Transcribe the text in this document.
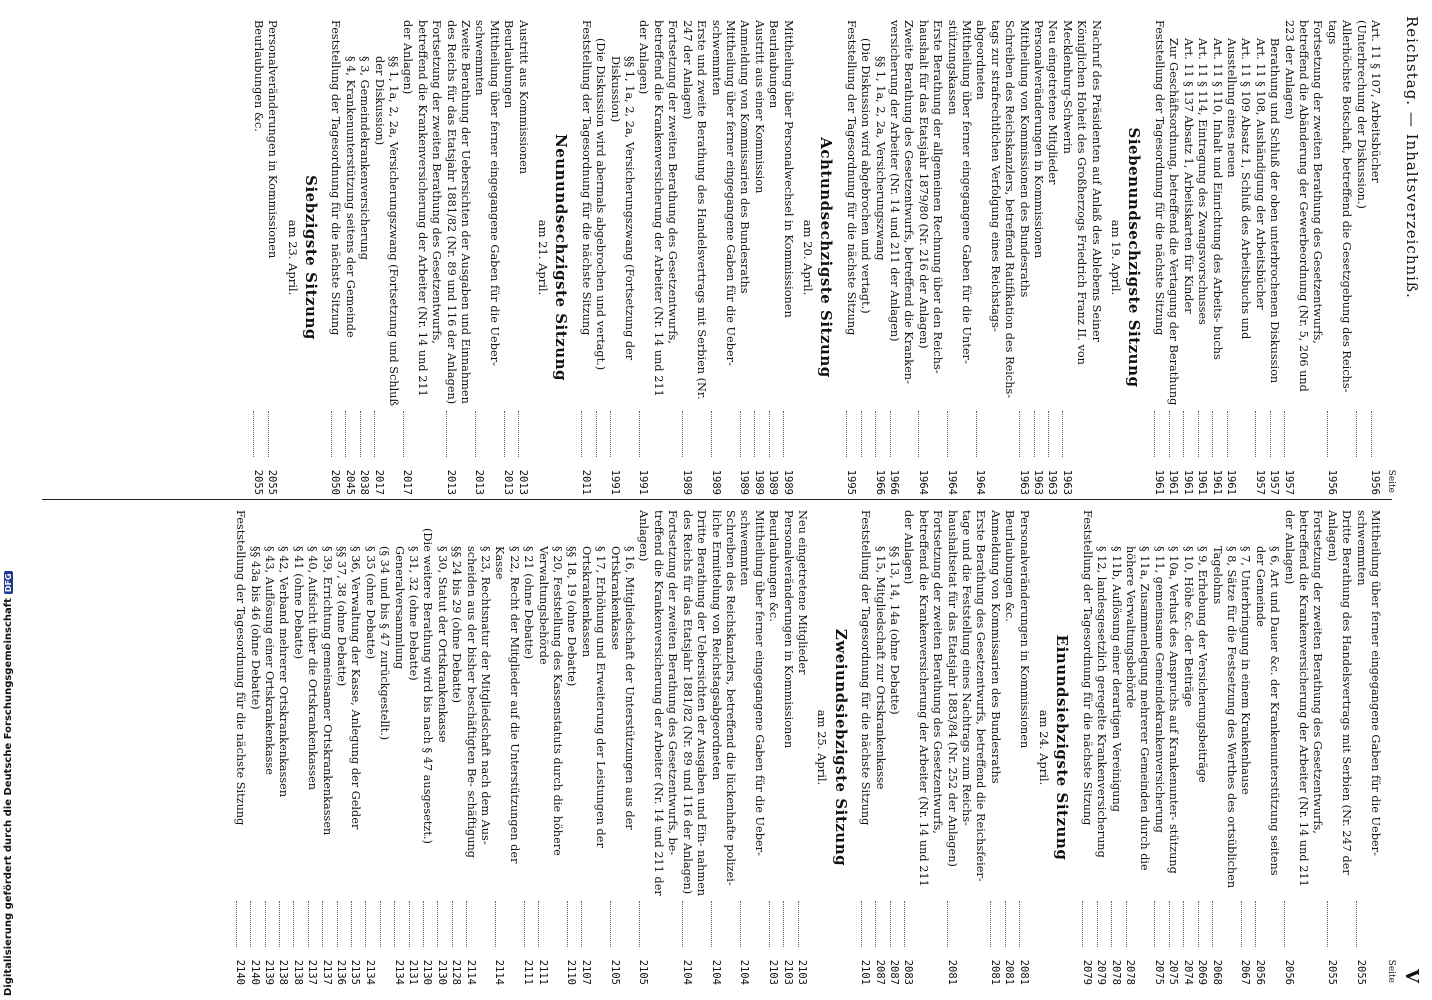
Reichstag. — Inhaltsverzeichniß.
V
Seite
Art. 11 § 107, Arbeitsbücher
1956
(Unterbrechung der Diskussion.)
Allerhöchste Botschaft, betreffend die Gesetzgebung des Reichs- tags
1956
Fortsetzung der zweiten Berathung des Gesetzentwurfs, betreffend die Abänderung der Gewerbeordnung (Nr. 5, 206 und 223 der Anlagen)
1957
Berathung und Schluß der oben unterbrochenen Diskussion
1957
Art. 11 § 108, Aushändigung der Arbeitsbücher
1957
Art. 11 § 109 Absatz 1, Schluß des Arbeitsbuchs und Ausstellung eines neuen
1961
Art. 11 § 110, Inhalt und Einrichtung des Arbeits- buchs
1961
Art. 11 § 114, Eintragung des Zwangsvorschusses
1961
Art. 11 § 137 Absatz 1, Arbeitskarten für Kinder
1961
Zur Geschäftsordnung, betreffend die Vertagung der Berathung
1961
Feststellung der Tagesordnung für die nächste Sitzung
1961
Siebenundsechzigste Sitzung
am 19. April.
Nachruf des Präsidenten auf Anlaß des Ablebens Seiner Königlichen Hoheit des Großherzogs Friedrich Franz II. von Mecklenburg-Schwerin
1963
Neu eingetretene Mitglieder
1963
Personalveränderungen in Kommissionen
1963
Mittheilung von Kommissionen des Bundesraths
1963
Schreiben des Reichskanzlers, betreffend Ratifikation des Reichs- tags zur strafrechtlichen Verfolgung eines Reichstags- abgeordneten
1964
Mittheilung über ferner eingegangene Gaben für die Unter- stützungskassen
1964
Erste Berathung der allgemeinen Rechnung über den Reichs- haushalt für das Etatsjahr 1879/80 (Nr. 216 der Anlagen)
1964
Zweite Berathung des Gesetzentwurfs, betreffend die Kranken- versicherung der Arbeiter (Nr. 14 und 211 der Anlagen)
1966
§§ 1, 1a, 2, 2a, Versicherungszwang
1966
(Die Diskussion wird abgebrochen und vertagt.)
Feststellung der Tagesordnung für die nächste Sitzung
1995
Achtundsechzigste Sitzung
am 20. April.
Mittheilung über Personalwechsel in Kommissionen
1989
Beurlaubungen
1989
Austritt aus einer Kommission
1989
Anmeldung von Kommissarien des Bundesraths
1989
Mittheilung über ferner eingegangene Gaben für die Ueber- schwemmten
1989
Erste und zweite Berathung des Handelsvertrags mit Serbien (Nr. 247 der Anlagen)
1989
Fortsetzung der zweiten Berathung des Gesetzentwurfs, betreffend die Krankenversicherung der Arbeiter (Nr. 14 und 211 der Anlagen)
1991
§§ 1, 1a, 2, 2a, Versicherungszwang (Fortsetzung der Diskussion)
1991
(Die Diskussion wird abermals abgebrochen und vertagt.)
Feststellung der Tagesordnung für die nächste Sitzung
2011
Neunundsechzigste Sitzung
am 21. April.
Austritt aus Kommissionen
2013
Beurlaubungen
2013
Mittheilung über ferner eingegangene Gaben für die Ueber- schwemmten
2013
Zweite Berathung der Uebersichten der Ausgaben und Einnahmen des Reichs für das Etatsjahr 1881/82 (Nr. 89 und 116 der Anlagen)
2013
Fortsetzung der zweiten Berathung des Gesetzentwurfs, betreffend die Krankenversicherung der Arbeiter (Nr. 14 und 211 der Anlagen)
2017
§§ 1, 1a, 2, 2a, Versicherungszwang (Fortsetzung und Schluß der Diskussion)
2017
§ 3, Gemeindekrankenversicherung
2038
§ 4, Krankenunterstützung seitens der Gemeinde
2045
Feststellung der Tagesordnung für die nächste Sitzung
2050
Siebzigste Sitzung
am 23. April.
Personalveränderungen in Kommissionen
2055
Beurlaubungen &c.
2055
Seite
Mittheilung über ferner eingegangene Gaben für die Ueber- schwemmten
2055
Dritte Berathung des Handelsvertrags mit Serbien (Nr. 247 der Anlagen)
2055
Fortsetzung der zweiten Berathung des Gesetzentwurfs, betreffend die Krankenversicherung der Arbeiter (Nr. 14 und 211 der Anlagen)
2056
§ 6, Art und Dauer &c. der Krankenunterstützung seitens der Gemeinde
2056
§ 7, Unterbringung in einem Krankenhause
2067
§ 8, Sätze für die Festsetzung des Werthes des ortsüblichen Tagelohns
2068
§ 9, Erhebung der Versicherungsbeiträge
2069
§ 10, Höhe &c. der Beiträge
2074
§ 10a, Verlust des Anspruchs auf Krankenunter- stützung
2075
§ 11, gemeinsame Gemeindekrankenversicherung
2075
§ 11a, Zusammenlegung mehrerer Gemeinden durch die höhere Verwaltungsbehörde
2078
§ 11b, Auflösung einer derartigen Vereinigung
2078
§ 12, landesgesetzlich geregelte Krankenversicherung
2079
Feststellung der Tagesordnung für die nächste Sitzung
2079
Einundsiebzigste Sitzung
am 24. April.
Personalveränderungen in Kommissionen
2081
Beurlaubungen &c.
2081
Anmeldung von Kommissarien des Bundesraths
2081
Erste Berathung des Gesetzentwurfs, betreffend die Reichsfeier- tage und die Feststellung eines Nachtrags zum Reichs- haushaltsetat für das Etatsjahr 1883/84 (Nr. 252 der Anlagen)
2081
Fortsetzung der zweiten Berathung des Gesetzentwurfs, betreffend die Krankenversicherung der Arbeiter (Nr. 14 und 211 der Anlagen)
2083
§§ 13, 14, 14a (ohne Debatte)
2087
§ 15, Mitgliedschaft zur Ortskrankenkasse
2087
Feststellung der Tagesordnung für die nächste Sitzung
2101
Zweiundsiebzigste Sitzung
am 25. April.
Neu eingetretene Mitglieder
2103
Personalveränderungen in Kommissionen
2103
Beurlaubungen &c.
2103
Mittheilung über ferner eingegangene Gaben für die Ueber- schwemmten
2104
Schreiben des Reichskanzlers, betreffend die lückenhafte polizei- liche Ermittelung von Reichstagsabgeordneten
2104
Dritte Berathung der Uebersichten der Ausgaben und Ein- nahmen des Reichs für das Etatsjahr 1881/82 (Nr. 89 und 116 der Anlagen)
2104
Fortsetzung der zweiten Berathung des Gesetzentwurfs, be- treffend die Krankenversicherung der Arbeiter (Nr. 14 und 211 der Anlagen)
2105
§ 16, Mitgliedschaft der Unterstützungen aus der Ortskrankenkasse
2105
§ 17, Erhöhung und Erweiterung der Leistungen der Ortskrankenkassen
2107
§§ 18, 19 (ohne Debatte)
2110
§ 20, Feststellung des Kassenstatuts durch die höhere Verwaltungsbehörde
2111
§ 21 (ohne Debatte)
2111
§ 22, Recht der Mitglieder auf die Unterstützungen der Kasse
2114
§ 23, Rechtsnatur der Mitgliedschaft nach dem Aus- scheiden aus der bisher beschäftigten Be- schäftigung
2114
§§ 24 bis 29 (ohne Debatte)
2128
§ 30, Statut der Ortskrankenkasse
2130
(Die weitere Berathung wird bis nach § 47 ausgesetzt.)
2130
§ 31, 32 (ohne Debatte)
2131
Generalversammlung
2134
(§ 34 und bis § 47 zurückgestellt.)
§ 35 (ohne Debatte)
2134
§ 36, Verwaltung der Kasse, Anlegung der Gelder
2135
§§ 37, 38 (ohne Debatte)
2136
§ 39, Errichtung gemeinsamer Ortskrankenkassen
2137
§ 40, Aufsicht über die Ortskrankenkassen
2137
§ 41 (ohne Debatte)
2138
§ 42, Verband mehrerer Ortskrankenkassen
2138
§ 43, Auflösung einer Ortskrankenkasse
2139
§§ 43a bis 46 (ohne Debatte)
2140
Feststellung der Tagesordnung für die nächste Sitzung
2140
Digitalisierung gefördert durch die Deutsche Forschungsgemeinschaft
DFG
